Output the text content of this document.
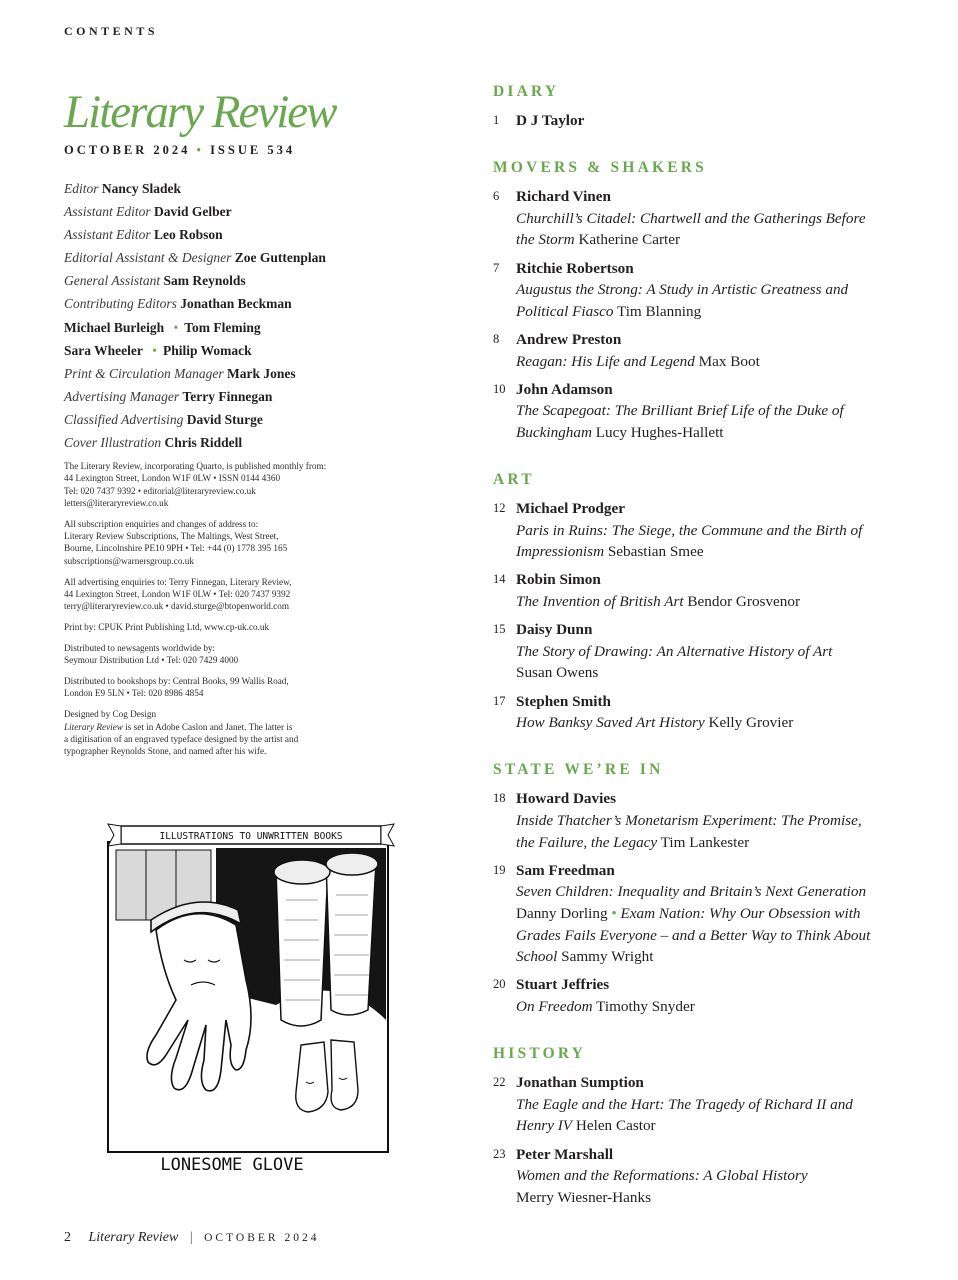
CONTENTS
Literary Review
OCTOBER 2024 • ISSUE 534
Editor Nancy Sladek
Assistant Editor David Gelber
Assistant Editor Leo Robson
Editorial Assistant & Designer Zoe Guttenplan
General Assistant Sam Reynolds
Contributing Editors Jonathan Beckman
Michael Burleigh • Tom Fleming
Sara Wheeler • Philip Womack
Print & Circulation Manager Mark Jones
Advertising Manager Terry Finnegan
Classified Advertising David Sturge
Cover Illustration Chris Riddell

The Literary Review, incorporating Quarto, is published monthly from:
44 Lexington Street, London W1F 0LW • ISSN 0144 4360
Tel: 020 7437 9392 • editorial@literaryreview.co.uk
letters@literaryreview.co.uk

All subscription enquiries and changes of address to:
Literary Review Subscriptions, The Maltings, West Street,
Bourne, Lincolnshire PE10 9PH • Tel: +44 (0) 1778 395 165
subscriptions@warnersgroup.co.uk

All advertising enquiries to: Terry Finnegan, Literary Review,
44 Lexington Street, London W1F 0LW • Tel: 020 7437 9392
terry@literaryreview.co.uk • david.sturge@btopenworld.com

Print by: CPUK Print Publishing Ltd, www.cp-uk.co.uk

Distributed to newsagents worldwide by:
Seymour Distribution Ltd • Tel: 020 7429 4000

Distributed to bookshops by: Central Books, 99 Wallis Road,
London E9 5LN • Tel: 020 8986 4854

Designed by Cog Design

Literary Review is set in Adobe Caslon and Janet. The latter is
a digitisation of an engraved typeface designed by the artist and
typographer Reynolds Stone, and named after his wife.

ILLUSTRATIONS TO UNWRITTEN BOOKS
LONESOME GLOVE
2 Literary Review | OCTOBER 2024
DIARY
1 D J Taylor
MOVERS & SHAKERS
6 Richard Vinen
Churchill’s Citadel: Chartwell and the Gatherings Before
the Storm Katherine Carter
7 Ritchie Robertson
Augustus the Strong: A Study in Artistic Greatness and
Political Fiasco Tim Blanning
8 Andrew Preston
Reagan: His Life and Legend Max Boot
10 John Adamson
The Scapegoat: The Brilliant Brief Life of the Duke of
Buckingham Lucy Hughes-Hallett
ART
12 Michael Prodger
Paris in Ruins: The Siege, the Commune and the Birth of
Impressionism Sebastian Smee
14 Robin Simon
The Invention of British Art Bendor Grosvenor
15 Daisy Dunn
The Story of Drawing: An Alternative History of Art
Susan Owens
17 Stephen Smith
How Banksy Saved Art History Kelly Grovier
STATE WE’RE IN
18 Howard Davies
Inside Thatcher’s Monetarism Experiment: The Promise,
the Failure, the Legacy Tim Lankester
19 Sam Freedman
Seven Children: Inequality and Britain’s Next Generation
Danny Dorling • Exam Nation: Why Our Obsession with
Grades Fails Everyone – and a Better Way to Think About
School Sammy Wright
20 Stuart Jeffries
On Freedom Timothy Snyder
HISTORY
22 Jonathan Sumption
The Eagle and the Hart: The Tragedy of Richard II and
Henry IV Helen Castor
23 Peter Marshall
Women and the Reformations: A Global History
Merry Wiesner-Hanks
